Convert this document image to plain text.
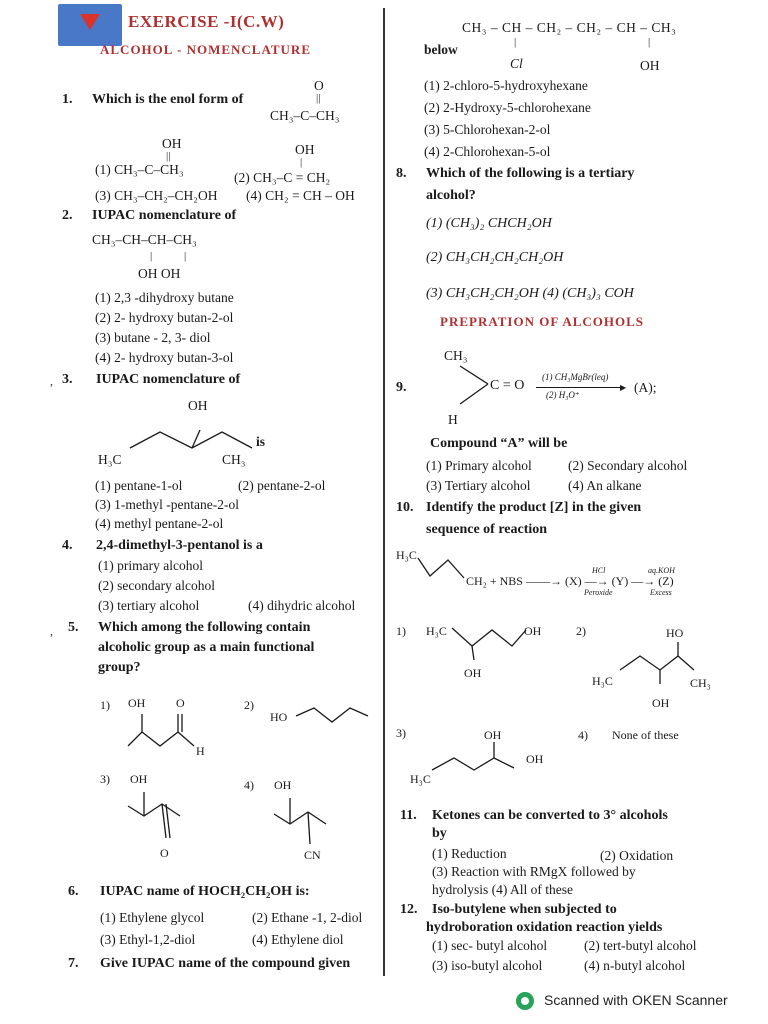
EXERCISE -I(C.W)
ALCOHOL - NOMENCLATURE
1. Which is the enol form of
O
||
CH₃–C–CH₃
OH
||
(1) CH₃–C–CH₃
OH
|
(2) CH₃–C = CH₂
(3) CH₃–CH₂–CH₂OH (4) CH₂ = CH – OH
2. IUPAC nomenclature of
CH₃–CH–CH–CH₃
|	|
OH OH
(1) 2,3 -dihydroxy butane
(2) 2- hydroxy butan-2-ol
(3) butane - 2, 3- diol
(4) 2- hydroxy butan-3-ol
, 3. IUPAC nomenclature of
OH
H₃C	CH₃
is
(1) pentane-1-ol	(2) pentane-2-ol
(3) 1-methyl -pentane-2-ol
(4) methyl pentane-2-ol
4. 2,4-dimethyl-3-pentanol is a
(1) primary alcohol
(2) secondary alcohol
(3) tertiary alcohol	(4) dihydric alcohol
, 5. Which among the following contain
alcoholic group as a main functional
group?
1) OH	O
H
2)
HO
3) OH
O
4) OH
CN
6. IUPAC name of HOCH₂CH₂OH is:
(1) Ethylene glycol	(2) Ethane -1, 2-diol
(3) Ethyl-1,2-diol	(4) Ethylene diol
7. Give IUPAC name of the compound given
CH₃ – CH – CH₂ – CH₂ – CH – CH₃
below	|	|
Cl	OH
(1) 2-chloro-5-hydroxyhexane
(2) 2-Hydroxy-5-chlorohexane
(3) 5-Chlorohexan-2-ol
(4) 2-Chlorohexan-5-ol
8. Which of the following is a tertiary
alcohol?
(1) (CH₃)₂ CHCH₂OH
(2) CH₃CH₂CH₂CH₂OH
(3) CH₃CH₂CH₂OH (4) (CH₃)₃ COH
PREPRATION OF ALCOHOLS
9.
CH₃
H
C = O
(1) CH₃MgBr(leq)
▶
(2) H₃O⁺	(A);
Compound “A” will be
(1) Primary alcohol	(2) Secondary alcohol
(3) Tertiary alcohol	(4) An alkane
10. Identify the product [Z] in the given
sequence of reaction
H₃C
CH₂ + NBS ——→ (X) —→ (Y) —→ (Z)
HCl
Peroxide
aq.KOH
Excess
1) H₃C	OH
OH
2)	HO
H₃C	CH₃
OH
3)	OH
OH
H₃C
4) None of these
11. Ketones can be converted to 3° alcohols
by
(1) Reduction	(2) Oxidation
(3) Reaction with RMgX followed by
hydrolysis (4) All of these
12. Iso-butylene when subjected to
hydroboration oxidation reaction yields
(1) sec- butyl alcohol	(2) tert-butyl alcohol
(3) iso-butyl alcohol	(4) n-butyl alcohol
Scanned with OKEN Scanner
